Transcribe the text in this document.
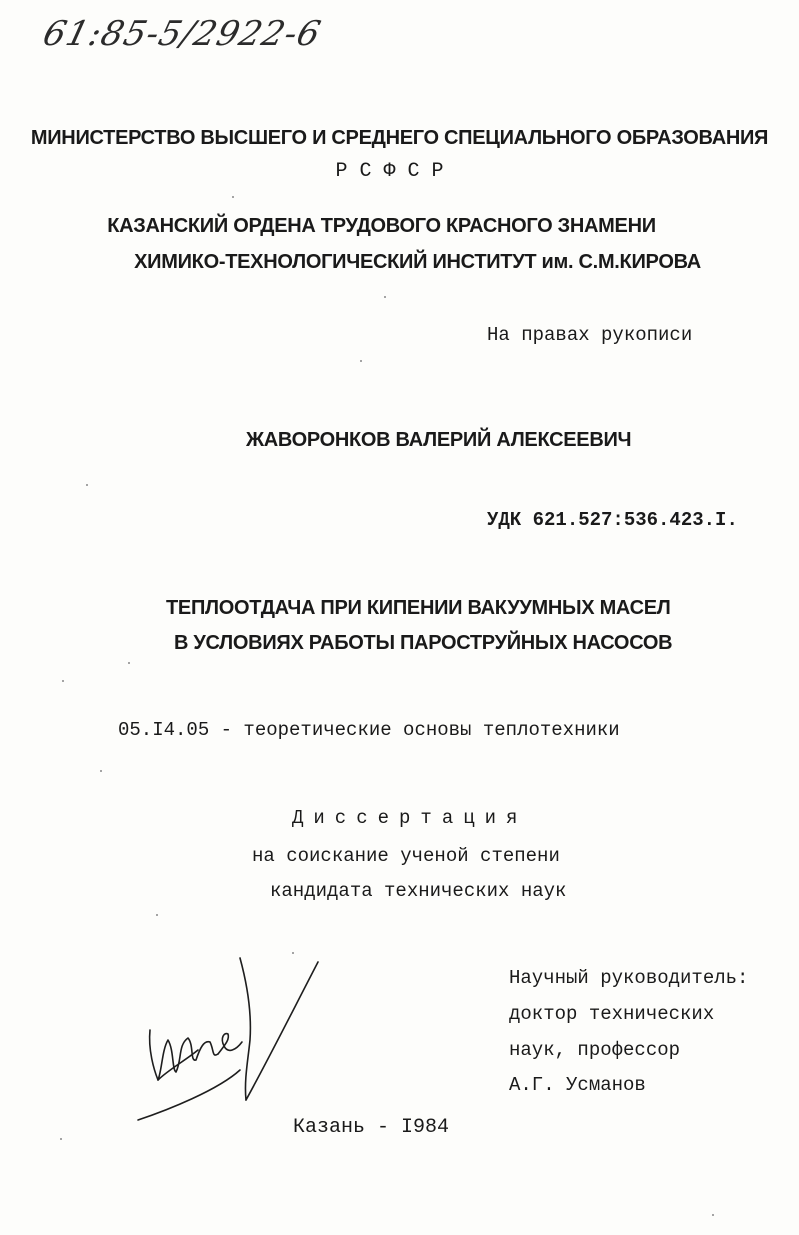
61:85-5/2922-6
МИНИСТЕРСТВО ВЫСШЕГО И СРЕДНЕГО СПЕЦИАЛЬНОГО ОБРАЗОВАНИЯ
Р С Ф С Р
КАЗАНСКИЙ ОРДЕНА ТРУДОВОГО КРАСНОГО ЗНАМЕНИ
ХИМИКО-ТЕХНОЛОГИЧЕСКИЙ ИНСТИТУТ им. С.М.КИРОВА
На правах рукописи
ЖАВОРОНКОВ ВАЛЕРИЙ АЛЕКСЕЕВИЧ
УДК 621.527:536.423.I.
ТЕПЛООТДАЧА ПРИ КИПЕНИИ ВАКУУМНЫХ МАСЕЛ
В УСЛОВИЯХ РАБОТЫ ПАРОСТРУЙНЫХ НАСОСОВ
05.I4.05 - теоретические основы теплотехники
Диссертация
на соискание ученой степени
кандидата технических наук
Научный руководитель:
доктор технических
наук, профессор
А.Г. Усманов
Казань - I984
